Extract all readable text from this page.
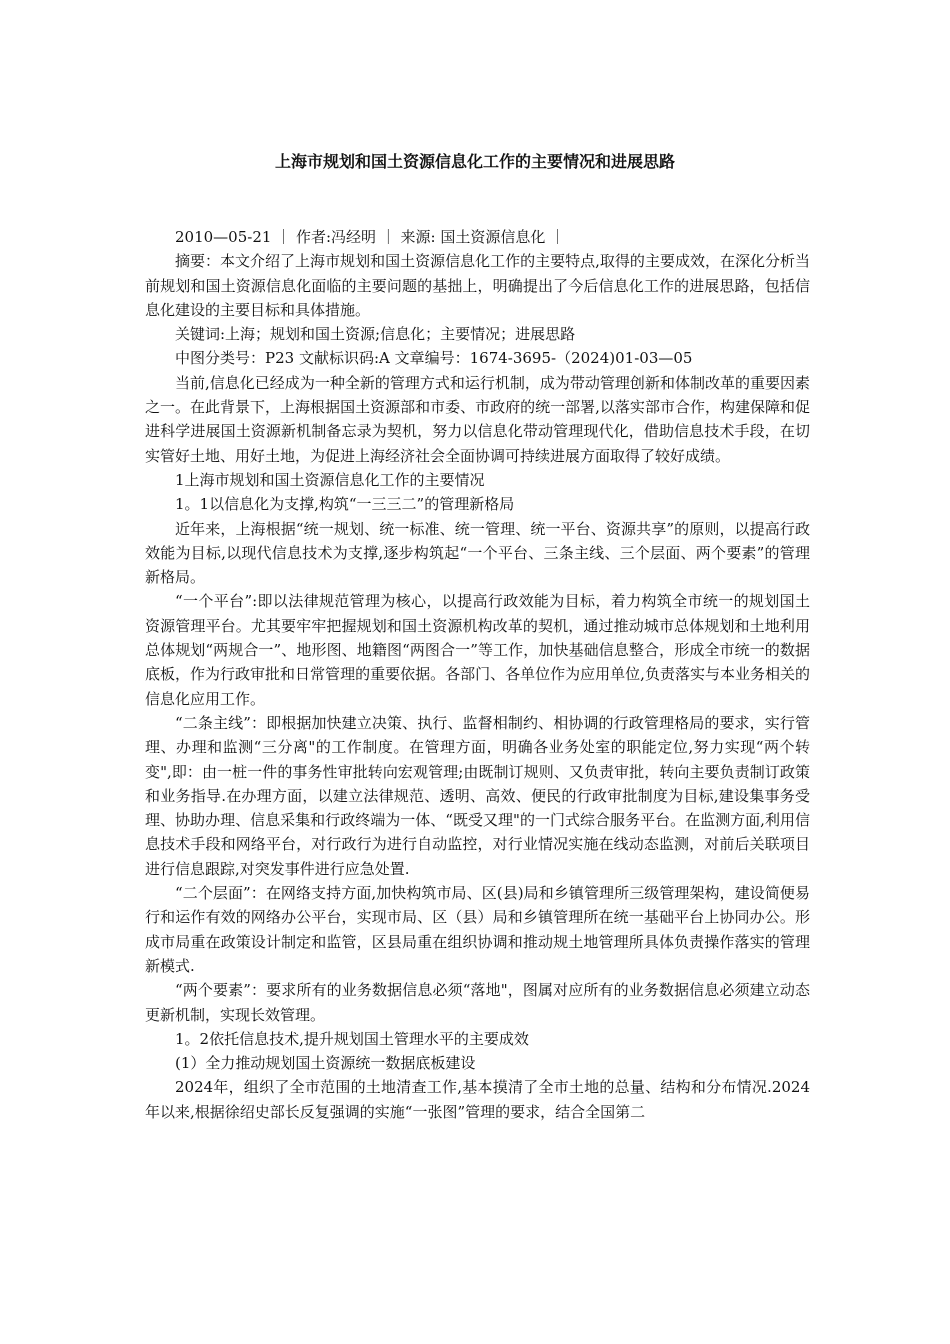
上海市规划和国土资源信息化工作的主要情况和进展思路

2010—05-21 ｜ 作者:冯经明 ｜ 来源: 国土资源信息化 ｜

摘要：本文介绍了上海市规划和国土资源信息化工作的主要特点,取得的主要成效，在深化分析当前规划和国土资源信息化面临的主要问题的基拙上，明确提出了今后信息化工作的进展思路，包括信息化建设的主要目标和具体措施。

关键词:上海；规划和国土资源;信息化；主要情况；进展思路

中图分类号：P23 文献标识码:A 文章编号：1674-3695-（2024)01-03—05

当前,信息化已经成为一种全新的管理方式和运行机制，成为带动管理创新和体制改革的重要因素之一。在此背景下，上海根据国土资源部和市委、市政府的统一部署,以落实部市合作，构建保障和促进科学进展国土资源新机制备忘录为契机，努力以信息化带动管理现代化，借助信息技术手段，在切实管好土地、用好土地，为促进上海经济社会全面协调可持续进展方面取得了较好成绩。

1上海市规划和国土资源信息化工作的主要情况

1。1以信息化为支撑,构筑“一三三二”的管理新格局

近年来，上海根据“统一规划、统一标准、统一管理、统一平台、资源共享”的原则，以提高行政效能为目标,以现代信息技术为支撑,逐步构筑起“一个平台、三条主线、三个层面、两个要素”的管理新格局。

“一个平台”:即以法律规范管理为核心，以提高行政效能为目标，着力构筑全市统一的规划国土资源管理平台。尤其要牢牢把握规划和国土资源机构改革的契机，通过推动城市总体规划和土地利用总体规划“两规合一”、地形图、地籍图“两图合一”等工作，加快基础信息整合，形成全市统一的数据底板，作为行政审批和日常管理的重要依据。各部门、各单位作为应用单位,负责落实与本业务相关的信息化应用工作。

“二条主线”：即根据加快建立决策、执行、监督相制约、相协调的行政管理格局的要求，实行管理、办理和监测“三分离"的工作制度。在管理方面，明确各业务处室的职能定位,努力实现“两个转变",即：由一桩一件的事务性审批转向宏观管理;由既制订规则、又负责审批，转向主要负责制订政策和业务指导.在办理方面，以建立法律规范、透明、高效、便民的行政审批制度为目标,建设集事务受理、协助办理、信息采集和行政终端为一体、“既受又理"的一门式综合服务平台。在监测方面,利用信息技术手段和网络平台，对行政行为进行自动监控，对行业情况实施在线动态监测，对前后关联项目进行信息跟踪,对突发事件进行应急处置.

“二个层面”：在网络支持方面,加快构筑市局、区(县)局和乡镇管理所三级管理架构，建设简便易行和运作有效的网络办公平台，实现市局、区（县）局和乡镇管理所在统一基础平台上协同办公。形成市局重在政策设计制定和监管，区县局重在组织协调和推动规土地管理所具体负责操作落实的管理新模式.

“两个要素”：要求所有的业务数据信息必须“落地"，图属对应所有的业务数据信息必须建立动态更新机制，实现长效管理。

1。2依托信息技术,提升规划国土管理水平的主要成效

(1）全力推动规划国土资源统一数据底板建设

2024年，组织了全市范围的土地清查工作,基本摸清了全市土地的总量、结构和分布情况.2024年以来,根据徐绍史部长反复强调的实施“一张图”管理的要求，结合全国第二
